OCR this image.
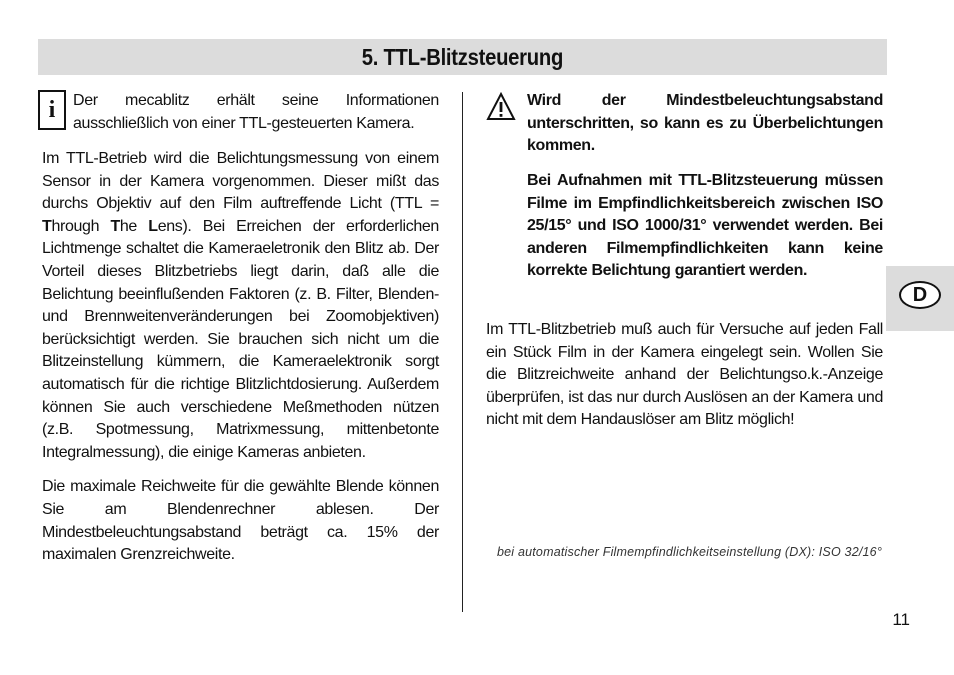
5. TTL-Blitzsteuerung
i Der mecablitz erhält seine Informationen ausschließlich von einer TTL-gesteuerten Kamera.

Im TTL-Betrieb wird die Belichtungsmessung von einem Sensor in der Kamera vorgenommen. Dieser mißt das durchs Objektiv auf den Film auftreffende Licht (TTL = Through The Lens). Bei Erreichen der erforderlichen Lichtmenge schaltet die Kameraeletronik den Blitz ab. Der Vorteil dieses Blitzbetriebs liegt darin, daß alle die Belichtung beeinflußenden Faktoren (z. B. Filter, Blenden- und Brennweitenveränderungen bei Zoomobjektiven) berücksichtigt werden. Sie brauchen sich nicht um die Blitzeinstellung kümmern, die Kameraelektronik sorgt automatisch für die richtige Blitzlichtdosierung. Außerdem können Sie auch verschiedene Meßmethoden nützen (z.B. Spotmessung, Matrixmessung, mittenbetonte Integralmessung), die einige Kameras anbieten.

Die maximale Reichweite für die gewählte Blende können Sie am Blendenrechner ablesen. Der Mindestbeleuchtungsabstand beträgt ca. 15% der maximalen Grenzreichweite.

Wird der Mindestbeleuchtungsabstand unterschritten, so kann es zu Überbelichtungen kommen.

Bei Aufnahmen mit TTL-Blitzsteuerung müssen Filme im Empfindlichkeitsbereich zwischen ISO 25/15° und ISO 1000/31° verwendet werden. Bei anderen Filmempfindlichkeiten kann keine korrekte Belichtung garantiert werden.

Im TTL-Blitzbetrieb muß auch für Versuche auf jeden Fall ein Stück Film in der Kamera eingelegt sein. Wollen Sie die Blitzreichweite anhand der Belichtungso.k.-Anzeige überprüfen, ist das nur durch Auslösen an der Kamera und nicht mit dem Handauslöser am Blitz möglich!

bei automatischer Filmempfindlichkeitseinstellung (DX): ISO 32/16°
D
11
